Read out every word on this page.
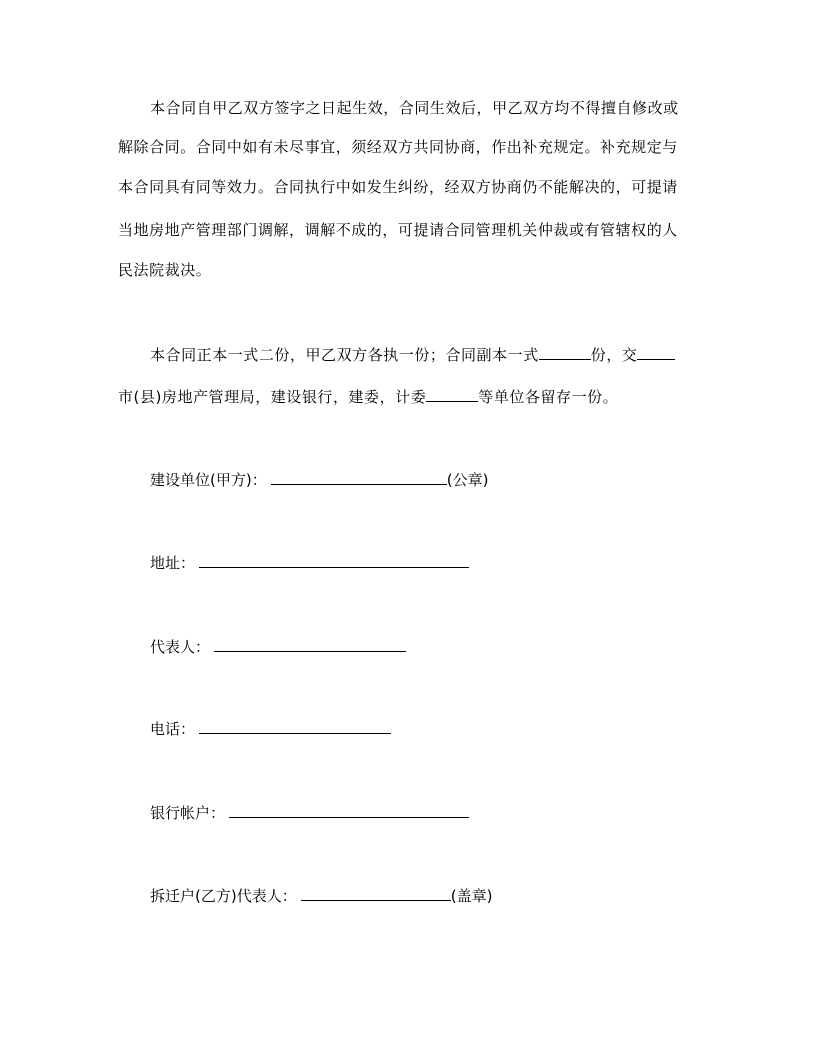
本合同自甲乙双方签字之日起生效，合同生效后，甲乙双方均不得擅自修改或
解除合同。合同中如有未尽事宜，须经双方共同协商，作出补充规定。补充规定与
本合同具有同等效力。合同执行中如发生纠纷，经双方协商仍不能解决的，可提请
当地房地产管理部门调解，调解不成的，可提请合同管理机关仲裁或有管辖权的人
民法院裁决。
本合同正本一式二份，甲乙双方各执一份；合同副本一式	份，交
市(县)房地产管理局，建设银行，建委，计委	等单位各留存一份。
建设单位(甲方)：	(公章)
地址：
代表人：
电话：
银行帐户：
拆迁户(乙方)代表人：	(盖章)
